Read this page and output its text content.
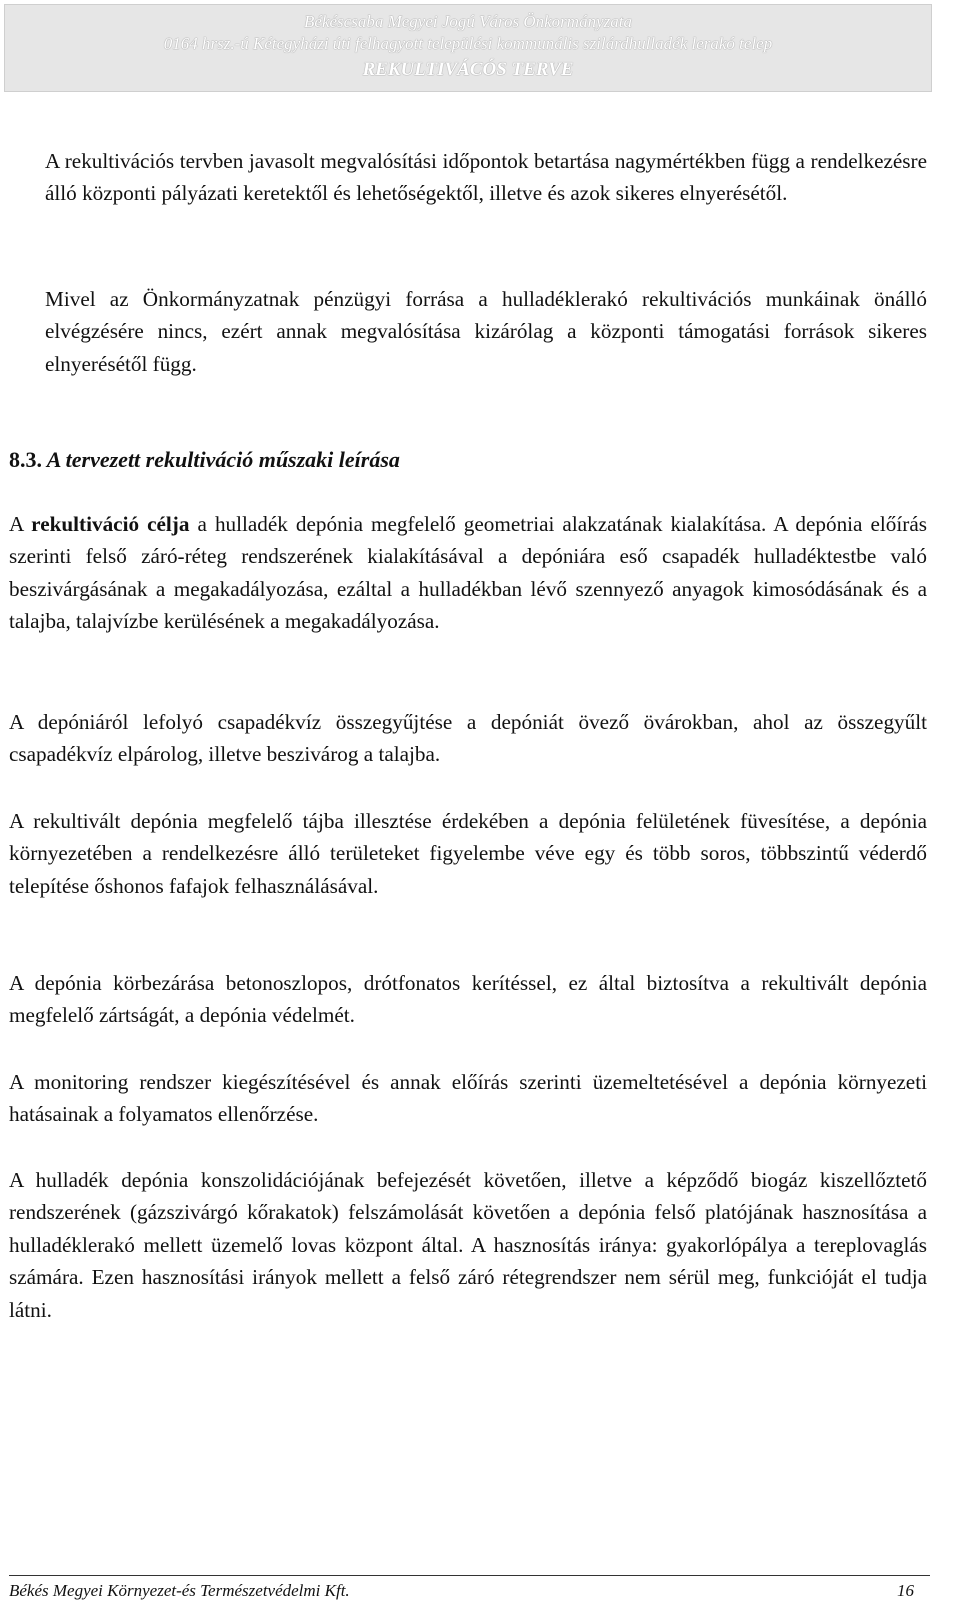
Békéscsaba Megyei Jogú Város Önkormányzata
0164 hrsz.-ú Kétegyházi úti felhagyott települési kommunális szilárdhulladék lerakó telep
REKULTIVÁCÓS TERVE
A rekultivációs tervben javasolt megvalósítási időpontok betartása nagymértékben függ a rendelkezésre álló központi pályázati keretektől és lehetőségektől, illetve és azok sikeres elnyerésétől.
Mivel az Önkormányzatnak pénzügyi forrása a hulladéklerakó rekultivációs munkáinak önálló elvégzésére nincs, ezért annak megvalósítása kizárólag a központi támogatási források sikeres elnyerésétől függ.
8.3. A tervezett rekultiváció műszaki leírása
A rekultiváció célja a hulladék depónia megfelelő geometriai alakzatának kialakítása. A depónia előírás szerinti felső záró-réteg rendszerének kialakításával a depóniára eső csapadék hulladéktestbe való beszivárgásának a megakadályozása, ezáltal a hulladékban lévő szennyező anyagok kimosódásának és a talajba, talajvízbe kerülésének a megakadályozása.
A depóniáról lefolyó csapadékvíz összegyűjtése a depóniát övező övárokban, ahol az összegyűlt csapadékvíz elpárolog, illetve beszivárog a talajba.
A rekultivált depónia megfelelő tájba illesztése érdekében a depónia felületének füvesítése, a depónia környezetében a rendelkezésre álló területeket figyelembe véve egy és több soros, többszintű véderdő telepítése őshonos fafajok felhasználásával.
A depónia körbezárása betonoszlopos, drótfonatos kerítéssel, ez által biztosítva a rekultivált depónia megfelelő zártságát, a depónia védelmét.
A monitoring rendszer kiegészítésével és annak előírás szerinti üzemeltetésével a depónia környezeti hatásainak a folyamatos ellenőrzése.
A hulladék depónia konszolidációjának befejezését követően, illetve a képződő biogáz kiszellőztető rendszerének (gázszivárgó kőrakatok) felszámolását követően a depónia felső platójának hasznosítása a hulladéklerakó mellett üzemelő lovas központ által. A hasznosítás iránya: gyakorlópálya a tereplovaglás számára. Ezen hasznosítási irányok mellett a felső záró rétegrendszer nem sérül meg, funkcióját el tudja látni.
Békés Megyei Környezet-és Természetvédelmi Kft.	16
